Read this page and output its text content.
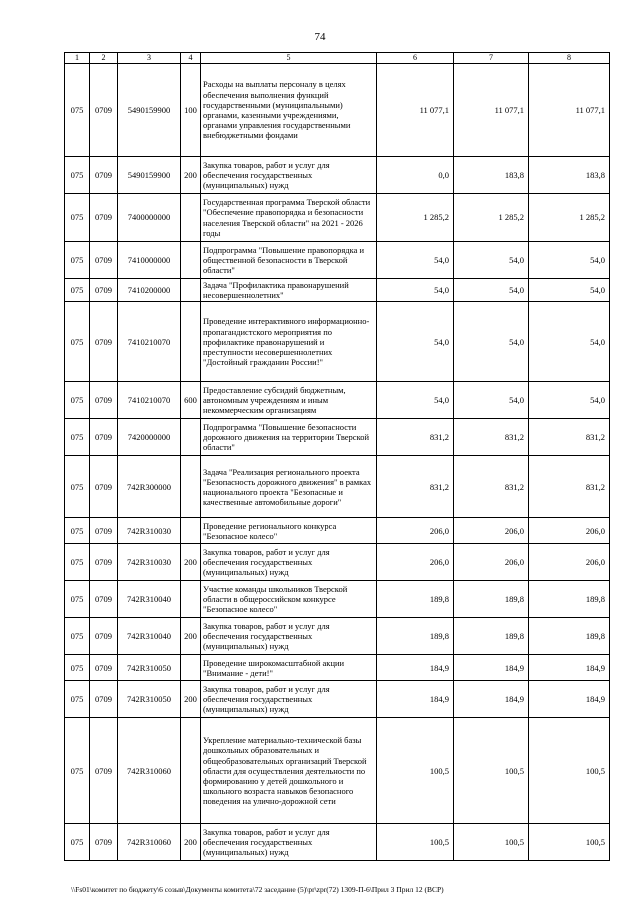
74
1	2	3	4	5	6	7	8
075	0709	5490159900	100	Расходы на выплаты персоналу в целях обеспечения выполнения функций государственными (муниципальными) органами, казенными учреждениями, органами управления государственными внебюджетными фондами	11 077,1	11 077,1	11 077,1
075	0709	5490159900	200	Закупка товаров, работ и услуг для обеспечения государственных (муниципальных) нужд	0,0	183,8	183,8
075	0709	7400000000		Государственная программа Тверской области "Обеспечение правопорядка и безопасности населения Тверской области" на 2021 - 2026 годы	1 285,2	1 285,2	1 285,2
075	0709	7410000000		Подпрограмма "Повышение правопорядка и общественной безопасности в Тверской области"	54,0	54,0	54,0
075	0709	7410200000		Задача "Профилактика правонарушений несовершеннолетних"	54,0	54,0	54,0
075	0709	7410210070		Проведение интерактивного информационно-пропагандистского мероприятия по профилактике правонарушений и преступности несовершеннолетних "Достойный гражданин России!"	54,0	54,0	54,0
075	0709	7410210070	600	Предоставление субсидий бюджетным, автономным учреждениям и иным некоммерческим организациям	54,0	54,0	54,0
075	0709	7420000000		Подпрограмма "Повышение безопасности дорожного движения на территории Тверской области"	831,2	831,2	831,2
075	0709	742R300000		Задача "Реализация регионального проекта "Безопасность дорожного движения" в рамках национального проекта "Безопасные и качественные автомобильные дороги"	831,2	831,2	831,2
075	0709	742R310030		Проведение регионального конкурса "Безопасное колесо"	206,0	206,0	206,0
075	0709	742R310030	200	Закупка товаров, работ и услуг для обеспечения государственных (муниципальных) нужд	206,0	206,0	206,0
075	0709	742R310040		Участие команды школьников Тверской области в общероссийском конкурсе "Безопасное колесо"	189,8	189,8	189,8
075	0709	742R310040	200	Закупка товаров, работ и услуг для обеспечения государственных (муниципальных) нужд	189,8	189,8	189,8
075	0709	742R310050		Проведение широкомасштабной акции "Внимание - дети!"	184,9	184,9	184,9
075	0709	742R310050	200	Закупка товаров, работ и услуг для обеспечения государственных (муниципальных) нужд	184,9	184,9	184,9
075	0709	742R310060		Укрепление материально-технической базы дошкольных образовательных и общеобразовательных организаций Тверской области для осуществления деятельности по формированию у детей дошкольного и школьного возраста навыков безопасного поведения на улично-дорожной сети	100,5	100,5	100,5
075	0709	742R310060	200	Закупка товаров, работ и услуг для обеспечения государственных (муниципальных) нужд	100,5	100,5	100,5
\\Fs01\комитет по бюджету\6 созыв\Документы комитета\72 заседание (5)\pr\zpr(72) 1309-П-6\Прил 3 Прил 12 (ВСР)
